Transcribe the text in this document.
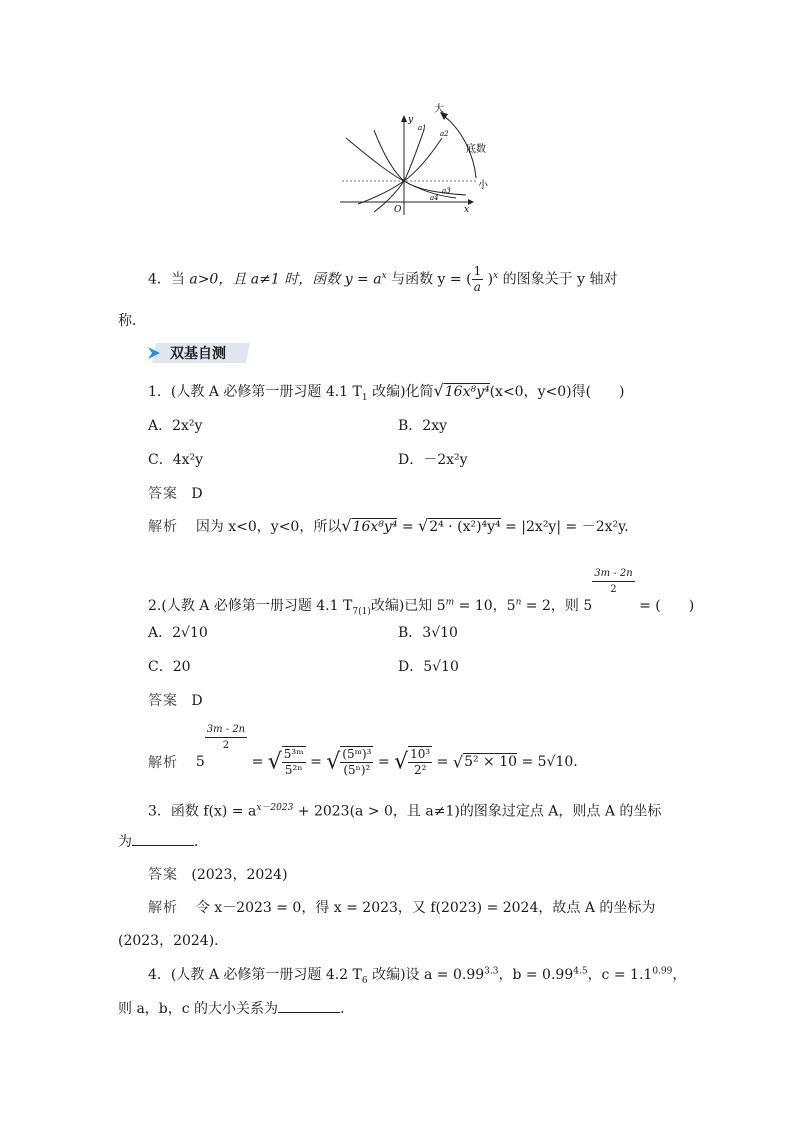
大
小
底数
y
x
O
a1
a2
a3
a4
4．当 a>0，且 a≠1 时，函数 $y = a^x$ 与函数 y = ( $\frac{1}{a} )^x$ 的图象关于 y 轴对
称．
双基自测
1．(人教 A 必修第一册习题 4.1 $T_1$ 改编)化简√16x⁸y⁴(x<0，y<0)得(　　)
A．2x²y	B．2xy
C．4x²y	D．－2x²y
答案 D
解析 因为 x<0，y<0，所以√16x⁸y⁴ = √2⁴ · (x²)⁴y⁴ = |2x²y| = －2x²y.
2.(人教 A 必修第一册习题 4.1 $T_{7(1)}$改编)已知 $5^m = 10$，$5^n = 2$，则 5
$\frac{3m - 2n}{2}$
= (　　)
A．2√10	B．3√10
C．20	D．5√10
答案 D
解析 5
$\frac{3m - 2n}{2}$
= √ $\frac{\text{5³ᵐ}}{\text{5²ⁿ}}$ = √ $\frac{\text{(5ᵐ)³}}{\text{(5ⁿ)²}}$ = √ $\frac{\text{10³}}{\text{2²}} = √5^2 \times 10 = 5√10$.
3．函数 $f(x) = a^{x-2023} + 2023(a > 0$，且 a≠1)的图象过定点 A，则点 A 的坐标
为	．
答案 (2023，2024)
解析 令 x－2023 = 0，得 x = 2023，又 f(2023) = 2024，故点 A 的坐标为
(2023，2024)．
4．(人教 A 必修第一册习题 4.2 $T_6$ 改编)设 $a = 0.99^{3.3}$，$b = 0.99^{4.5}$，$c = 1.1^{0.99}$，
则 a，b，c 的大小关系为	．
